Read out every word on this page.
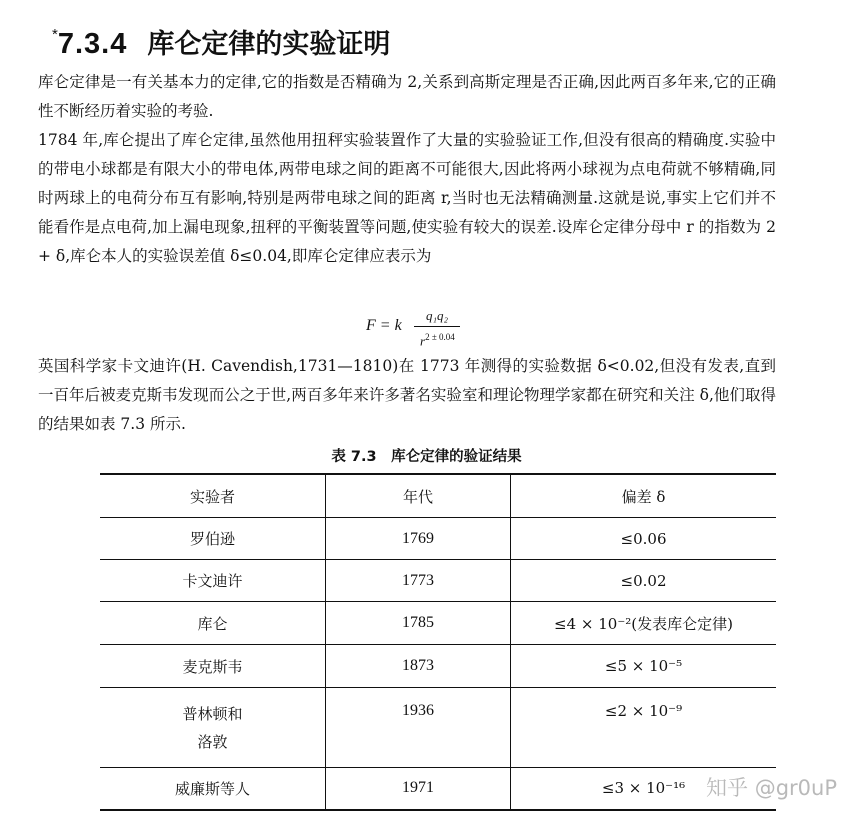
*7.3.4 库仑定律的实验证明

库仑定律是一有关基本力的定律,它的指数是否精确为 2,关系到高斯定理是否正确,因此两百多年来,它的正确性不断经历着实验的考验.

1784 年,库仑提出了库仑定律,虽然他用扭秤实验装置作了大量的实验验证工作,但没有很高的精确度.实验中的带电小球都是有限大小的带电体,两带电球之间的距离不可能很大,因此将两小球视为点电荷就不够精确,同时两球上的电荷分布互有影响,特别是两带电球之间的距离 r,当时也无法精确测量.这就是说,事实上它们并不能看作是点电荷,加上漏电现象,扭秤的平衡装置等问题,使实验有较大的误差.设库仑定律分母中 r 的指数为 2 + δ,库仑本人的实验误差值 δ≤0.04,即库仑定律应表示为

F = k
q₁q₂
$r^{2 \pm 0.04}$

英国科学家卡文迪许(H. Cavendish,1731—1810)在 1773 年测得的实验数据 δ<0.02,但没有发表,直到一百年后被麦克斯韦发现而公之于世,两百多年来许多著名实验室和理论物理学家都在研究和关注 δ,他们取得的结果如表 7.3 所示.

表 7.3　库仑定律的验证结果
实验者	年代	偏差 δ
罗伯逊	1769	≤0.06
卡文迪许	1773	≤0.02
库仑	1785	≤4 × 10⁻²(发表库仑定律)
麦克斯韦	1873	≤5 × 10⁻⁵
普林顿和
洛敦	1936	≤2 × 10⁻⁹
威廉斯等人	1971	≤3 × 10⁻¹⁶ 知乎 @gr0uP
